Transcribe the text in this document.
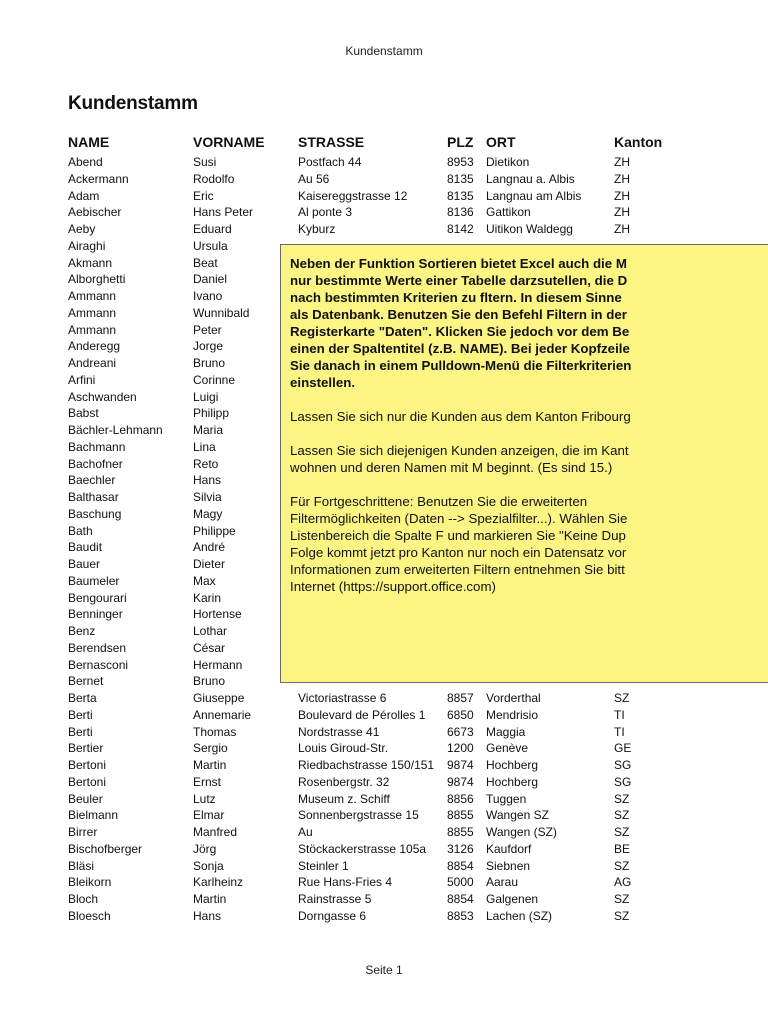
Kundenstamm
Kundenstamm
NAME	VORNAME	STRASSE	PLZ ORT	Kanton
Abend	Susi	Postfach 44	8953	Dietikon	ZH
Ackermann	Rodolfo	Au 56	8135	Langnau a. Albis	ZH
Adam	Eric	Kaisereggstrasse 12	8135	Langnau am Albis	ZH
Aebischer	Hans Peter	Al ponte 3	8136	Gattikon	ZH
Aeby	Eduard	Kyburz	8142	Uitikon Waldegg	ZH
Airaghi	Ursula
Akmann	Beat
Alborghetti	Daniel
Ammann	Ivano
Ammann	Wunnibald
Ammann	Peter
Anderegg	Jorge
Andreani	Bruno
Arfini	Corinne
Aschwanden	Luigi
Babst	Philipp
Bächler-Lehmann	Maria
Bachmann	Lina
Bachofner	Reto
Baechler	Hans
Balthasar	Silvia
Baschung	Magy
Bath	Philippe
Baudit	André
Bauer	Dieter
Baumeler	Max
Bengourari	Karin
Benninger	Hortense
Benz	Lothar
Berendsen	César
Bernasconi	Hermann
Bernet	Bruno
Berta	Giuseppe	Victoriastrasse 6	8857	Vorderthal	SZ
Berti	Annemarie	Boulevard de Pérolles 1	6850	Mendrisio	TI
Berti	Thomas	Nordstrasse 41	6673	Maggia	TI
Bertier	Sergio	Louis Giroud-Str.	1200	Genève	GE
Bertoni	Martin	Riedbachstrasse 150/151	9874	Hochberg	SG
Bertoni	Ernst	Rosenbergstr. 32	9874	Hochberg	SG
Beuler	Lutz	Museum z. Schiff	8856	Tuggen	SZ
Bielmann	Elmar	Sonnenbergstrasse 15	8855	Wangen SZ	SZ
Birrer	Manfred	Au	8855	Wangen (SZ)	SZ
Bischofberger	Jörg	Stöckackerstrasse 105a	3126	Kaufdorf	BE
Bläsi	Sonja	Steinler 1	8854	Siebnen	SZ
Bleikorn	Karlheinz	Rue Hans-Fries 4	5000	Aarau	AG
Bloch	Martin	Rainstrasse 5	8854	Galgenen	SZ
Bloesch	Hans	Dorngasse 6	8853	Lachen (SZ)	SZ

Neben der Funktion Sortieren bietet Excel auch die M
nur bestimmte Werte einer Tabelle darzsutellen, die D
nach bestimmten Kriterien zu fltern. In diesem Sinne
als Datenbank. Benutzen Sie den Befehl Filtern in der
Registerkarte "Daten". Klicken Sie jedoch vor dem Be
einen der Spaltentitel (z.B. NAME). Bei jeder Kopfzeile
Sie danach in einem Pulldown-Menü die Filterkriterien
einstellen.

Lassen Sie sich nur die Kunden aus dem Kanton Fribourg

Lassen Sie sich diejenigen Kunden anzeigen, die im Kant
wohnen und deren Namen mit M beginnt. (Es sind 15.)

Für Fortgeschrittene: Benutzen Sie die erweiterten
Filtermöglichkeiten (Daten --> Spezialfilter...). Wählen Sie
Listenbereich die Spalte F und markieren Sie "Keine Dup
Folge kommt jetzt pro Kanton nur noch ein Datensatz vor
Informationen zum erweiterten Filtern entnehmen Sie bitt
Internet (https://support.office.com)

Seite 1
